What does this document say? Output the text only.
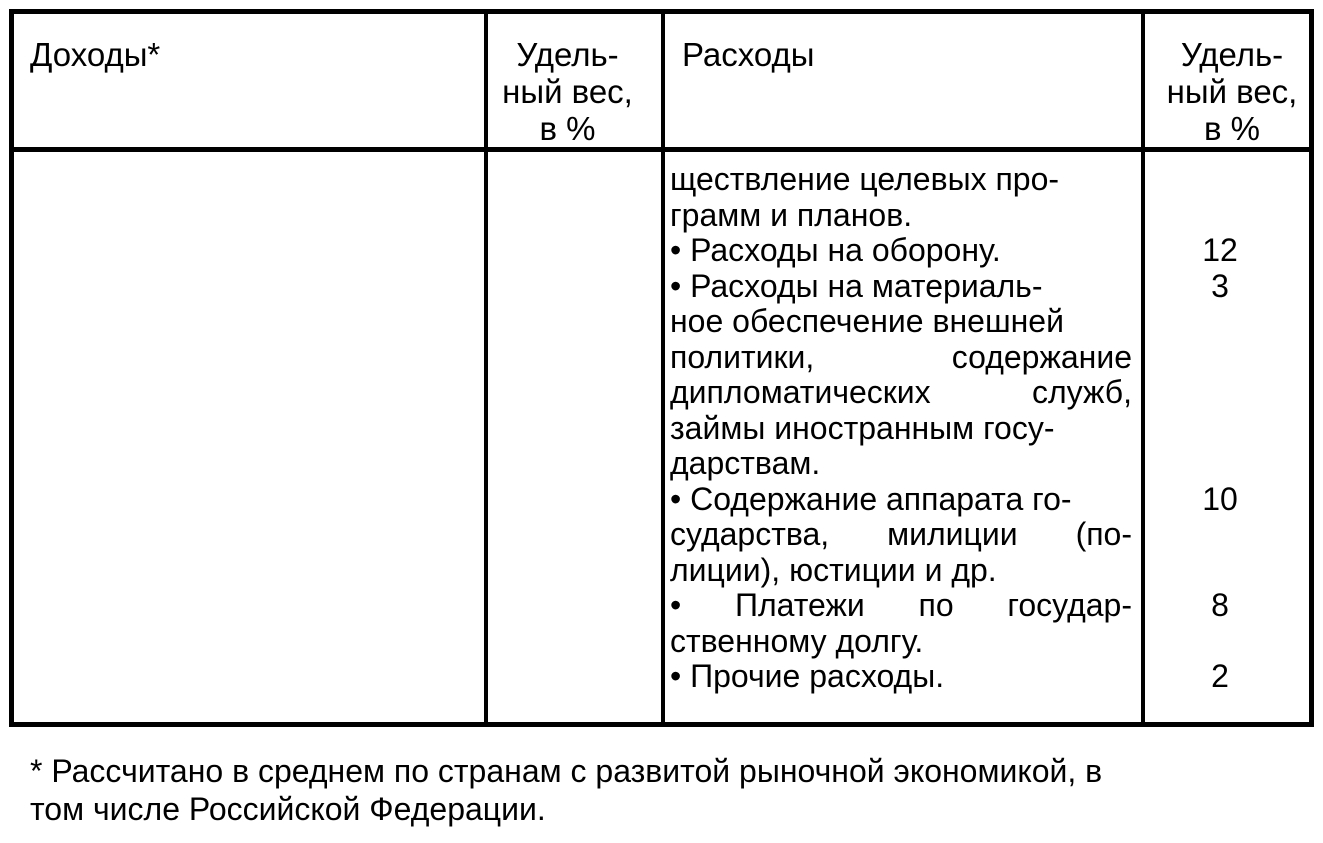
Доходы*	Удель-
ный вес,
в %
Расходы	Удель-
ный вес,
в %
ществление целевых про-
грамм и планов.
• Расходы на оборону.
• Расходы на материаль-
ное обеспечение внешней
политики, содержание
дипломатических служб,
займы иностранным госу-
дарствам.
• Содержание аппарата го-
сударства, милиции (по-
лиции), юстиции и др.
• Платежи по государ-
ственному долгу.
• Прочие расходы.
12
3
10
8
2
* Рассчитано в среднем по странам с развитой рыночной экономикой, в
том числе Российской Федерации.
